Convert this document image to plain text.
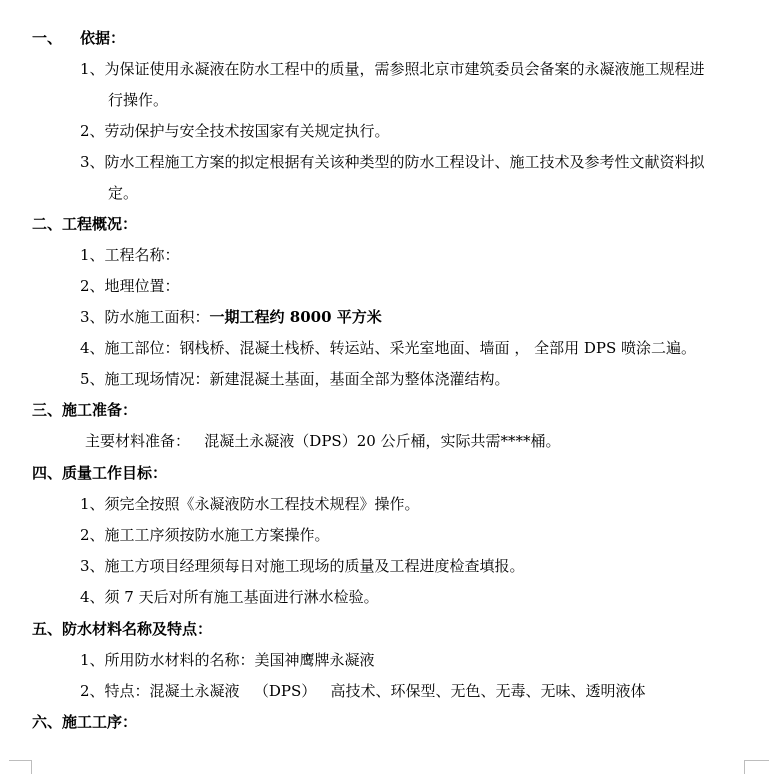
一、 依据：
1、为保证使用永凝液在防水工程中的质量，需参照北京市建筑委员会备案的永凝液施工规程进
行操作。
2、劳动保护与安全技术按国家有关规定执行。
3、防水工程施工方案的拟定根据有关该种类型的防水工程设计、施工技术及参考性文献资料拟
定。
二、工程概况：
1、工程名称：
2、地理位置：
3、防水施工面积：一期工程约 8000 平方米
4、施工部位：钢栈桥、混凝土栈桥、转运站、采光室地面、墙面 ， 全部用 DPS 喷涂二遍。
5、施工现场情况：新建混凝土基面，基面全部为整体浇灌结构。
三、施工准备：
主要材料准备：   混凝土永凝液（DPS）20 公斤桶，实际共需****桶。
四、质量工作目标：
1、须完全按照《永凝液防水工程技术规程》操作。
2、施工工序须按防水施工方案操作。
3、施工方项目经理须每日对施工现场的质量及工程进度检查填报。
4、须 7 天后对所有施工基面进行淋水检验。
五、防水材料名称及特点：
1、所用防水材料的名称：美国神鹰牌永凝液
2、特点：混凝土永凝液   （DPS）   高技术、环保型、无色、无毒、无味、透明液体
六、施工工序：
